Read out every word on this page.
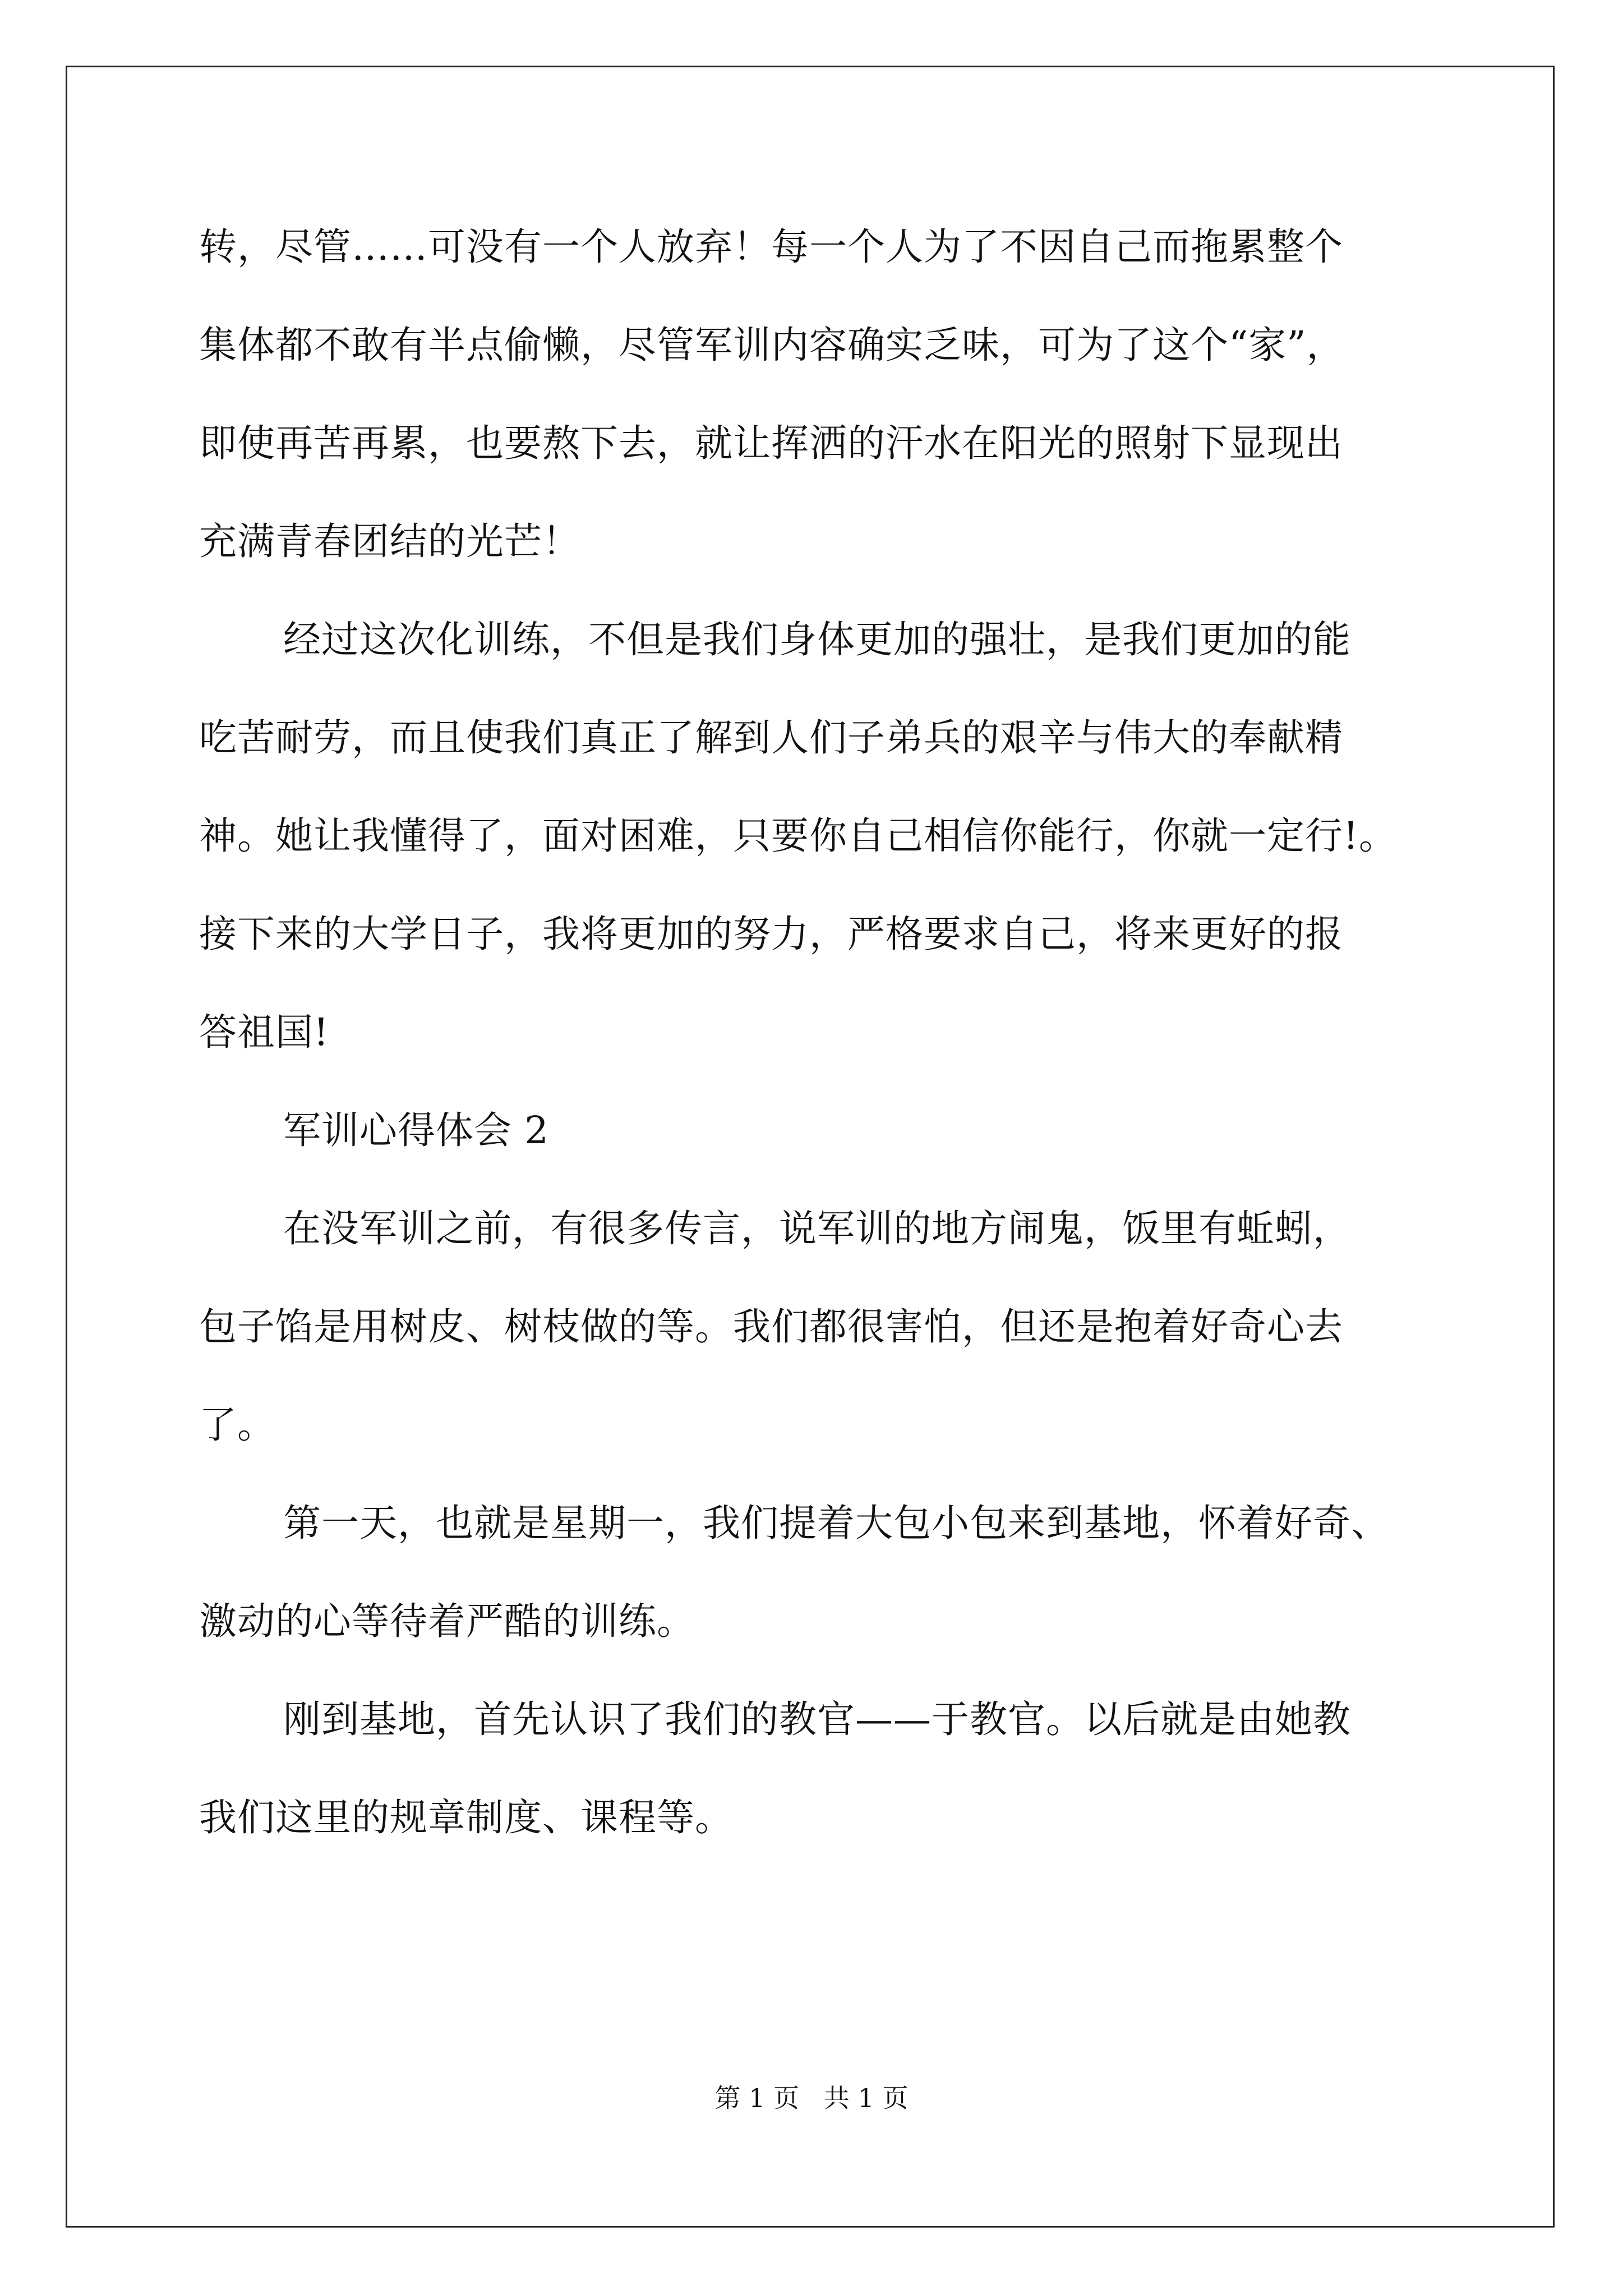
转，尽管……可没有一个人放弃！每一个人为了不因自己而拖累整个
集体都不敢有半点偷懒，尽管军训内容确实乏味，可为了这个“家”，
即使再苦再累，也要熬下去，就让挥洒的汗水在阳光的照射下显现出
充满青春团结的光芒！
经过这次化训练，不但是我们身体更加的强壮，是我们更加的能
吃苦耐劳，而且使我们真正了解到人们子弟兵的艰辛与伟大的奉献精
神。她让我懂得了，面对困难，只要你自己相信你能行，你就一定行!。
接下来的大学日子，我将更加的努力，严格要求自己，将来更好的报
答祖国!
军训心得体会 2
在没军训之前，有很多传言，说军训的地方闹鬼，饭里有蚯蚓，
包子馅是用树皮、树枝做的等。我们都很害怕，但还是抱着好奇心去
了。
第一天，也就是星期一，我们提着大包小包来到基地，怀着好奇、
激动的心等待着严酷的训练。
刚到基地，首先认识了我们的教官——于教官。以后就是由她教
我们这里的规章制度、课程等。
第 1 页   共 1 页
